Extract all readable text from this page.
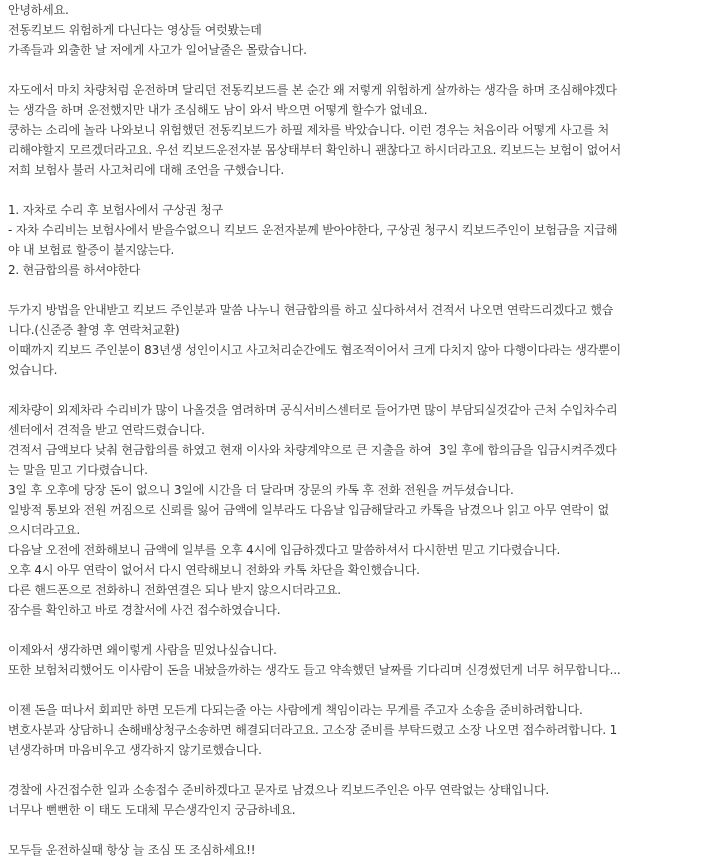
안녕하세요.
전동킥보드 위험하게 다닌다는 영상들 여럿봤는데
가족들과 외출한 날 저에게 사고가 일어날줄은 몰랐습니다.
자도에서 마치 차량처럼 운전하며 달리던 전동킥보드를 본 순간 왜 저렇게 위험하게 살까하는 생각을 하며 조심해야겠다
는 생각을 하며 운전했지만 내가 조심해도 남이 와서 박으면 어떻게 할수가 없네요.
쿵하는 소리에 놀라 나와보니 위험했던 전동킥보드가 하필 제차를 박았습니다. 이런 경우는 처음이라 어떻게 사고를 처
리해야할지 모르겠더라고요. 우선 킥보드운전자분 몸상태부터 확인하니 괜찮다고 하시더라고요. 킥보드는 보험이 없어서
저희 보험사 불러 사고처리에 대해 조언을 구했습니다.
1. 자차로 수리 후 보험사에서 구상권 청구
- 자차 수리비는 보험사에서 받을수없으니 킥보드 운전자분께 받아야한다, 구상권 청구시 킥보드주인이 보험금을 지급해
야 내 보험료 할증이 붙지않는다.
2. 현금합의를 하셔야한다
두가지 방법을 안내받고 킥보드 주인분과 말씀 나누니 현금합의를 하고 싶다하셔서 견적서 나오면 연락드리겠다고 했습
니다.(신준증 촬영 후 연락처교환)
이때까지 킥보드 주인분이 83년생 성인이시고 사고처리순간에도 협조적이어서 크게 다치지 않아 다행이다라는 생각뿐이
었습니다.
제차량이 외제차라 수리비가 많이 나올것을 염려하며 공식서비스센터로 들어가면 많이 부담되실것같아 근처 수입차수리
센터에서 견적을 받고 연락드렸습니다.
견적서 금액보다 낮춰 현금합의를 하였고 현재 이사와 차량계약으로 큰 지출을 하여  3일 후에 합의금을 입금시켜주겠다
는 말을 믿고 기다렸습니다.
3일 후 오후에 당장 돈이 없으니 3일에 시간을 더 달라며 장문의 카톡 후 전화 전원을 꺼두셨습니다.
일방적 통보와 전원 꺼짐으로 신뢰를 잃어 금액에 일부라도 다음날 입금해달라고 카톡을 남겼으나 읽고 아무 연락이 없
으시더라고요.
다음날 오전에 전화해보니 금액에 일부를 오후 4시에 입금하겠다고 말씀하셔서 다시한번 믿고 기다렸습니다.
오후 4시 아무 연락이 없어서 다시 연락해보니 전화와 카톡 차단을 확인했습니다.
다른 핸드폰으로 전화하니 전화연결은 되나 받지 않으시더라고요.
잠수를 확인하고 바로 경찰서에 사건 접수하였습니다.
이제와서 생각하면 왜이렇게 사람을 믿었나싶습니다.
또한 보험처리했어도 이사람이 돈을 내놨을까하는 생각도 들고 약속했던 날짜를 기다리며 신경썼던게 너무 허무합니다...
이젠 돈을 떠나서 회피만 하면 모든게 다되는줄 아는 사람에게 책임이라는 무게를 주고자 소송을 준비하려합니다.
변호사분과 상담하니 손해배상청구소송하면 해결되더라고요. 고소장 준비를 부탁드렸고 소장 나오면 접수하려합니다. 1
년생각하며 마음비우고 생각하지 않기로했습니다.
경찰에 사건접수한 일과 소송접수 준비하겠다고 문자로 남겼으나 킥보드주인은 아무 연락없는 상태입니다.
너무나 뻔뻔한 이 태도 도대체 무슨생각인지 궁금하네요.
모두들 운전하실때 항상 늘 조심 또 조심하세요!!
